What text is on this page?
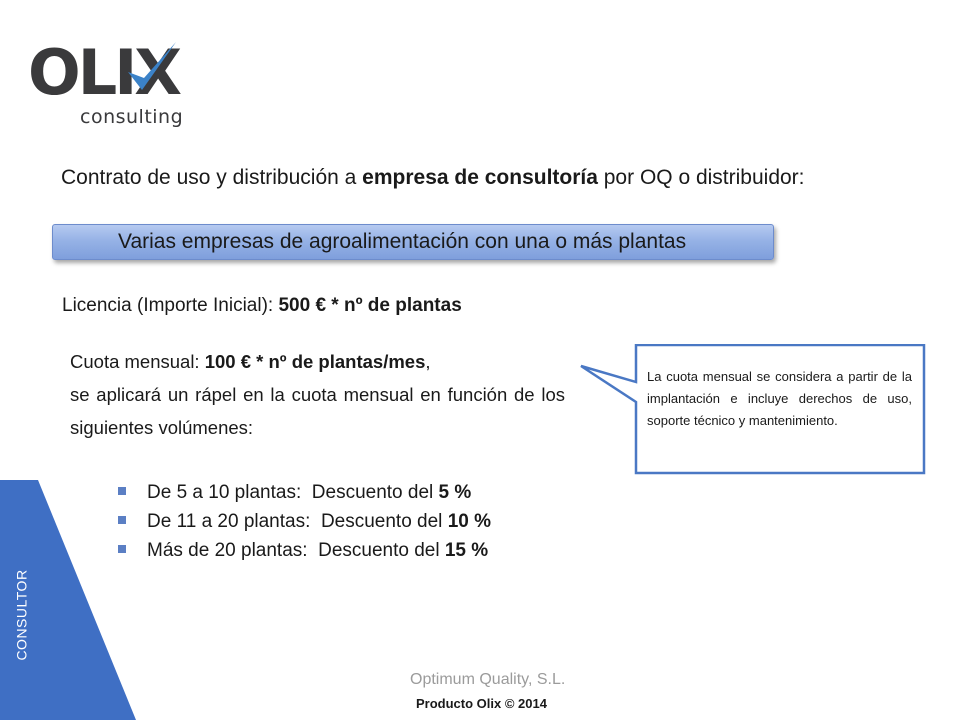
OLIX
consulting
Contrato de uso y distribución a empresa de consultoría por OQ o distribuidor:
Varias empresas de agroalimentación con una o más plantas
Licencia (Importe Inicial): 500 € * nº de plantas
Cuota mensual: 100 € * nº de plantas/mes,
se aplicará un rápel en la cuota mensual en función de los siguientes volúmenes:
De 5 a 10 plantas: Descuento del 5 %
De 11 a 20 plantas: Descuento del 10 %
Más de 20 plantas: Descuento del 15 %
La cuota mensual se considera a partir de la implantación e incluye derechos de uso, soporte técnico y mantenimiento.
CONSULTOR
Optimum Quality, S.L.
Producto Olix © 2014
